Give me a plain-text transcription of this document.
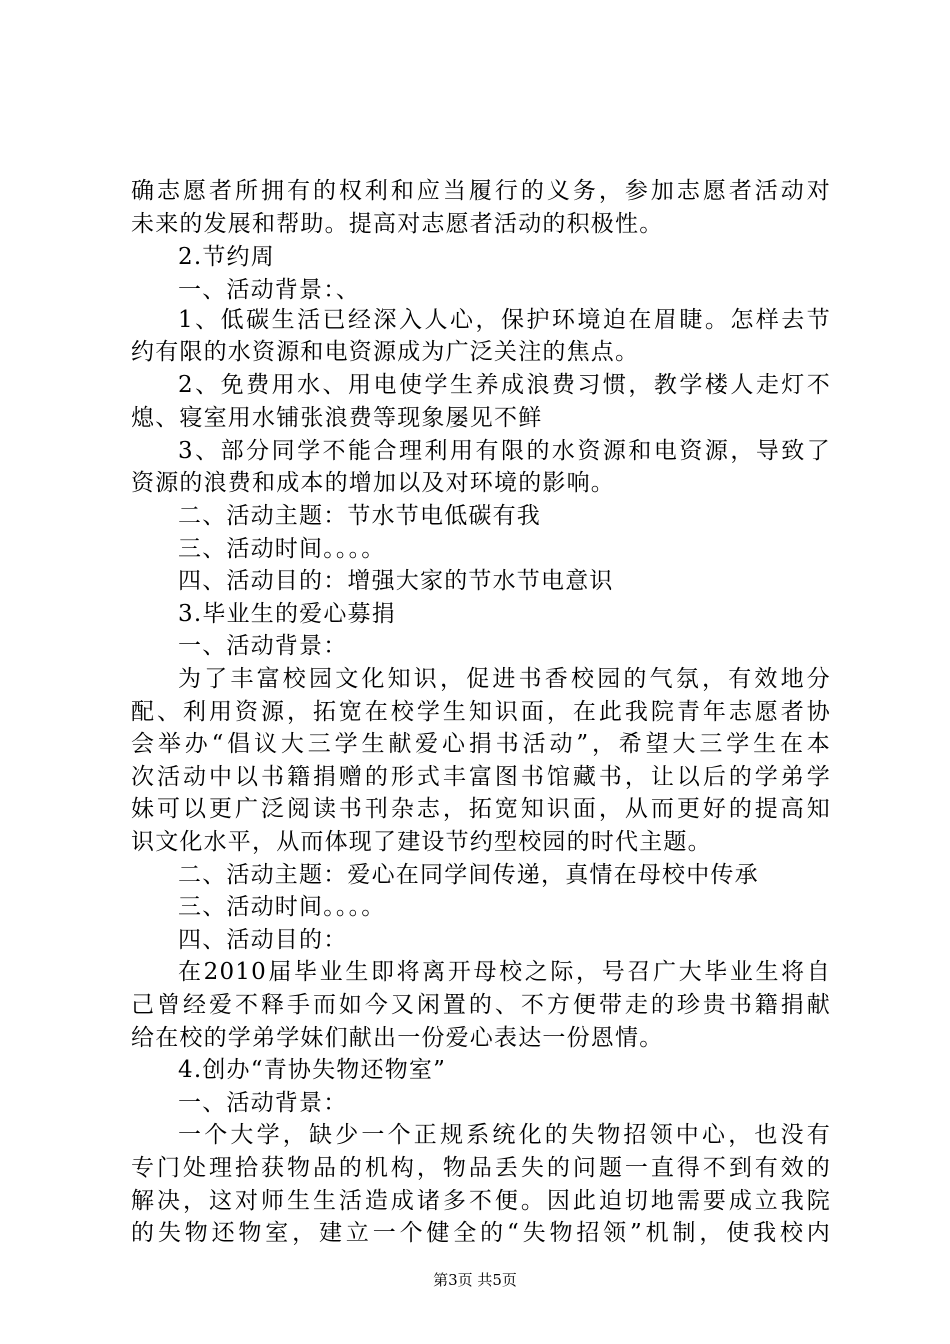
确志愿者所拥有的权利和应当履行的义务，参加志愿者活动对
未来的发展和帮助。提高对志愿者活动的积极性。
2.节约周
一、活动背景：、
1、低碳生活已经深入人心，保护环境迫在眉睫。怎样去节
约有限的水资源和电资源成为广泛关注的焦点。
2、免费用水、用电使学生养成浪费习惯，教学楼人走灯不
熄、寝室用水铺张浪费等现象屡见不鲜
3、部分同学不能合理利用有限的水资源和电资源，导致了
资源的浪费和成本的增加以及对环境的影响。
二、活动主题：节水节电低碳有我
三、活动时间。。。。
四、活动目的：增强大家的节水节电意识
3.毕业生的爱心募捐
一、活动背景：
为了丰富校园文化知识，促进书香校园的气氛，有效地分
配、利用资源，拓宽在校学生知识面，在此我院青年志愿者协
会举办“倡议大三学生献爱心捐书活动”，希望大三学生在本
次活动中以书籍捐赠的形式丰富图书馆藏书，让以后的学弟学
妹可以更广泛阅读书刊杂志，拓宽知识面，从而更好的提高知
识文化水平，从而体现了建设节约型校园的时代主题。
二、活动主题：爱心在同学间传递，真情在母校中传承
三、活动时间。。。。
四、活动目的：
在2010届毕业生即将离开母校之际，号召广大毕业生将自
己曾经爱不释手而如今又闲置的、不方便带走的珍贵书籍捐献
给在校的学弟学妹们献出一份爱心表达一份恩情。
4.创办“青协失物还物室”
一、活动背景：
一个大学，缺少一个正规系统化的失物招领中心，也没有
专门处理拾获物品的机构，物品丢失的问题一直得不到有效的
解决，这对师生生活造成诸多不便。因此迫切地需要成立我院
的失物还物室，建立一个健全的“失物招领”机制，使我校内
第3页 共5页
